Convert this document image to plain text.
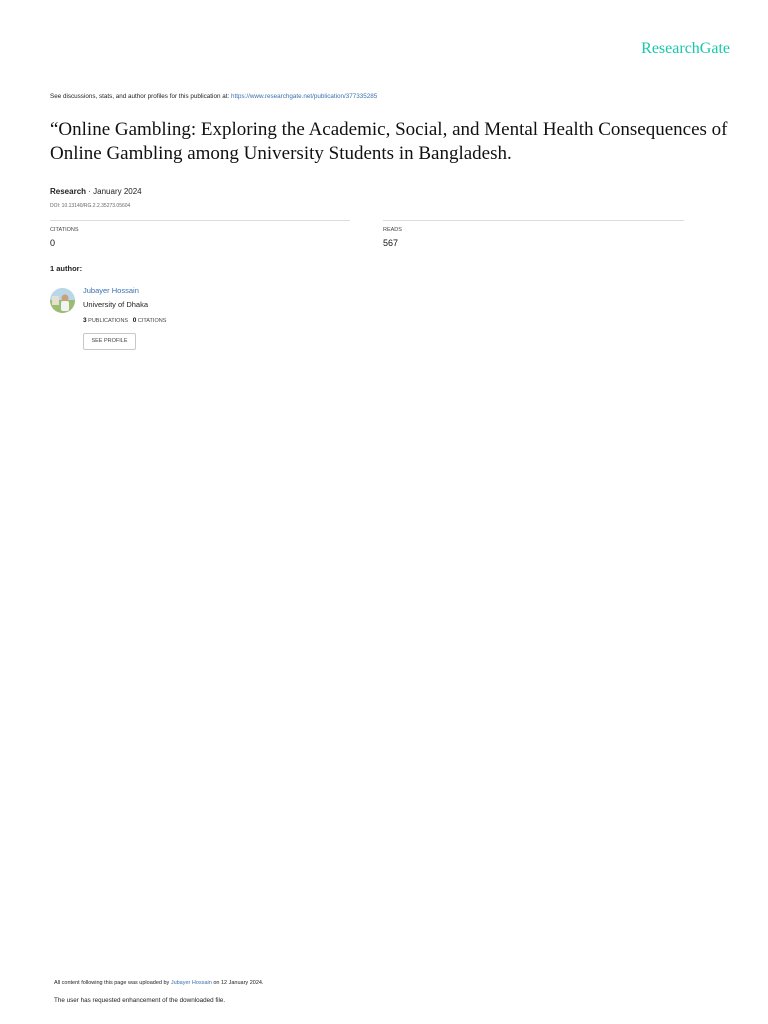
ResearchGate
See discussions, stats, and author profiles for this publication at: https://www.researchgate.net/publication/377335285
“Online Gambling: Exploring the Academic, Social, and Mental Health Consequences of Online Gambling among University Students in Bangladesh.
Research · January 2024
DOI: 10.13140/RG.2.2.35273.05604
CITATIONS
0
READS
567
1 author:
Jubayer Hossain
University of Dhaka
3 PUBLICATIONS 0 CITATIONS
SEE PROFILE
All content following this page was uploaded by Jubayer Hossain on 12 January 2024.
The user has requested enhancement of the downloaded file.
